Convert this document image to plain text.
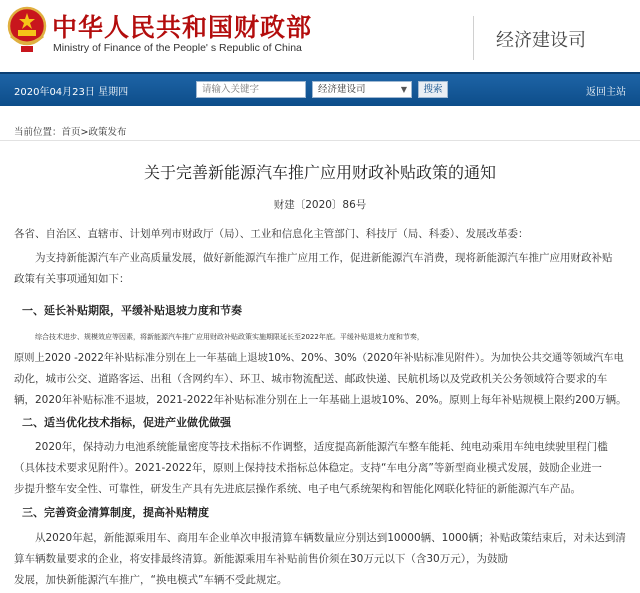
中华人民共和国财政部
Ministry of Finance of the People' s Republic of China	经济建设司
2020年04月23日 星期四
请输入关键字	经济建设司	▼	搜索	返回主站
当前位置：首页>政策发布
关于完善新能源汽车推广应用财政补贴政策的通知
财建〔2020〕86号
各省、自治区、直辖市、计划单列市财政厅（局）、工业和信息化主管部门、科技厅（局、科委）、发展改革委：
为支持新能源汽车产业高质量发展，做好新能源汽车推广应用工作，促进新能源汽车消费，现将新能源汽车推广应用财政补贴
政策有关事项通知如下：
一、延长补贴期限，平缓补贴退坡力度和节奏
综合技术进步、规模效应等因素，将新能源汽车推广应用财政补贴政策实施期限延长至2022年底。平缓补贴退坡力度和节奏，
原则上2020 -2022年补贴标准分别在上一年基础上退坡10%、20%、30%（2020年补贴标准见附件）。为加快公共交通等领域汽车电
动化，城市公交、道路客运、出租（含网约车）、环卫、城市物流配送、邮政快递、民航机场以及党政机关公务领域符合要求的车
辆，2020年补贴标准不退坡，2021-2022年补贴标准分别在上一年基础上退坡10%、20%。原则上每年补贴规模上限约200万辆。
二、适当优化技术指标，促进产业做优做强
2020年，保持动力电池系统能量密度等技术指标不作调整，适度提高新能源汽车整车能耗、纯电动乘用车纯电续驶里程门槛
（具体技术要求见附件）。2021-2022年，原则上保持技术指标总体稳定。支持“车电分离”等新型商业模式发展，鼓励企业进一
步提升整车安全性、可靠性，研发生产具有先进底层操作系统、电子电气系统架构和智能化网联化特征的新能源汽车产品。
三、完善资金清算制度，提高补贴精度
从2020年起，新能源乘用车、商用车企业单次申报清算车辆数量应分别达到10000辆、1000辆；补贴政策结束后，对未达到清
算车辆数量要求的企业，将安排最终清算。新能源乘用车补贴前售价须在30万元以下（含30万元），为鼓励
发展，加快新能源汽车推广，“换电模式”车辆不受此规定。
